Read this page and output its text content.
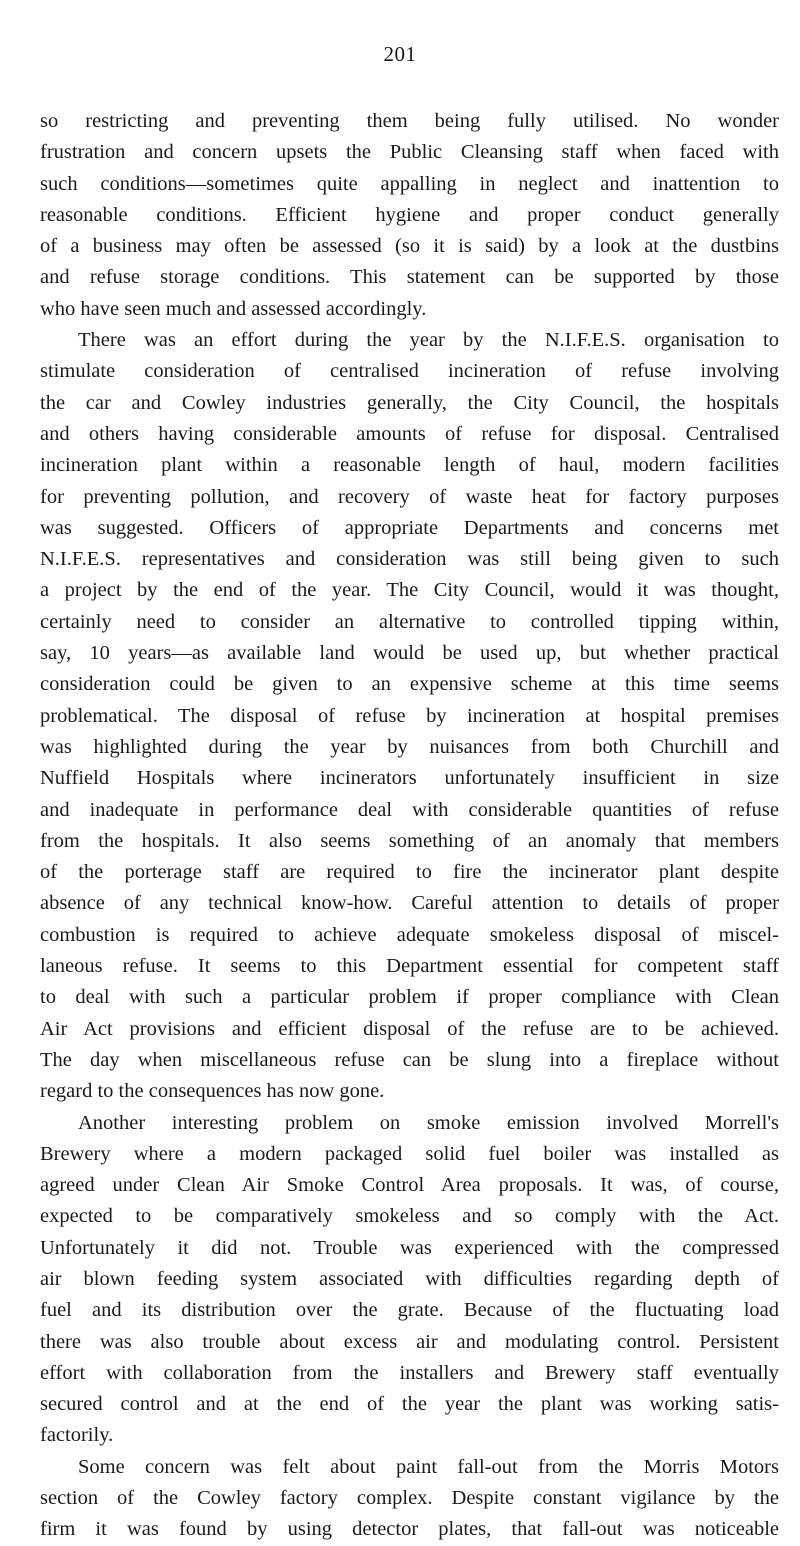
201
so restricting and preventing them being fully utilised. No wonder
frustration and concern upsets the Public Cleansing staff when faced with
such conditions—sometimes quite appalling in neglect and inattention to
reasonable conditions. Efficient hygiene and proper conduct generally
of a business may often be assessed (so it is said) by a look at the dustbins
and refuse storage conditions. This statement can be supported by those
who have seen much and assessed accordingly.
There was an effort during the year by the N.I.F.E.S. organisation to
stimulate consideration of centralised incineration of refuse involving
the car and Cowley industries generally, the City Council, the hospitals
and others having considerable amounts of refuse for disposal. Centralised
incineration plant within a reasonable length of haul, modern facilities
for preventing pollution, and recovery of waste heat for factory purposes
was suggested. Officers of appropriate Departments and concerns met
N.I.F.E.S. representatives and consideration was still being given to such
a project by the end of the year. The City Council, would it was thought,
certainly need to consider an alternative to controlled tipping within,
say, 10 years—as available land would be used up, but whether practical
consideration could be given to an expensive scheme at this time seems
problematical. The disposal of refuse by incineration at hospital premises
was highlighted during the year by nuisances from both Churchill and
Nuffield Hospitals where incinerators unfortunately insufficient in size
and inadequate in performance deal with considerable quantities of refuse
from the hospitals. It also seems something of an anomaly that members
of the porterage staff are required to fire the incinerator plant despite
absence of any technical know-how. Careful attention to details of proper
combustion is required to achieve adequate smokeless disposal of miscel-
laneous refuse. It seems to this Department essential for competent staff
to deal with such a particular problem if proper compliance with Clean
Air Act provisions and efficient disposal of the refuse are to be achieved.
The day when miscellaneous refuse can be slung into a fireplace without
regard to the consequences has now gone.
Another interesting problem on smoke emission involved Morrell's
Brewery where a modern packaged solid fuel boiler was installed as
agreed under Clean Air Smoke Control Area proposals. It was, of course,
expected to be comparatively smokeless and so comply with the Act.
Unfortunately it did not. Trouble was experienced with the compressed
air blown feeding system associated with difficulties regarding depth of
fuel and its distribution over the grate. Because of the fluctuating load
there was also trouble about excess air and modulating control. Persistent
effort with collaboration from the installers and Brewery staff eventually
secured control and at the end of the year the plant was working satis-
factorily.
Some concern was felt about paint fall-out from the Morris Motors
section of the Cowley factory complex. Despite constant vigilance by the
firm it was found by using detector plates, that fall-out was noticeable
